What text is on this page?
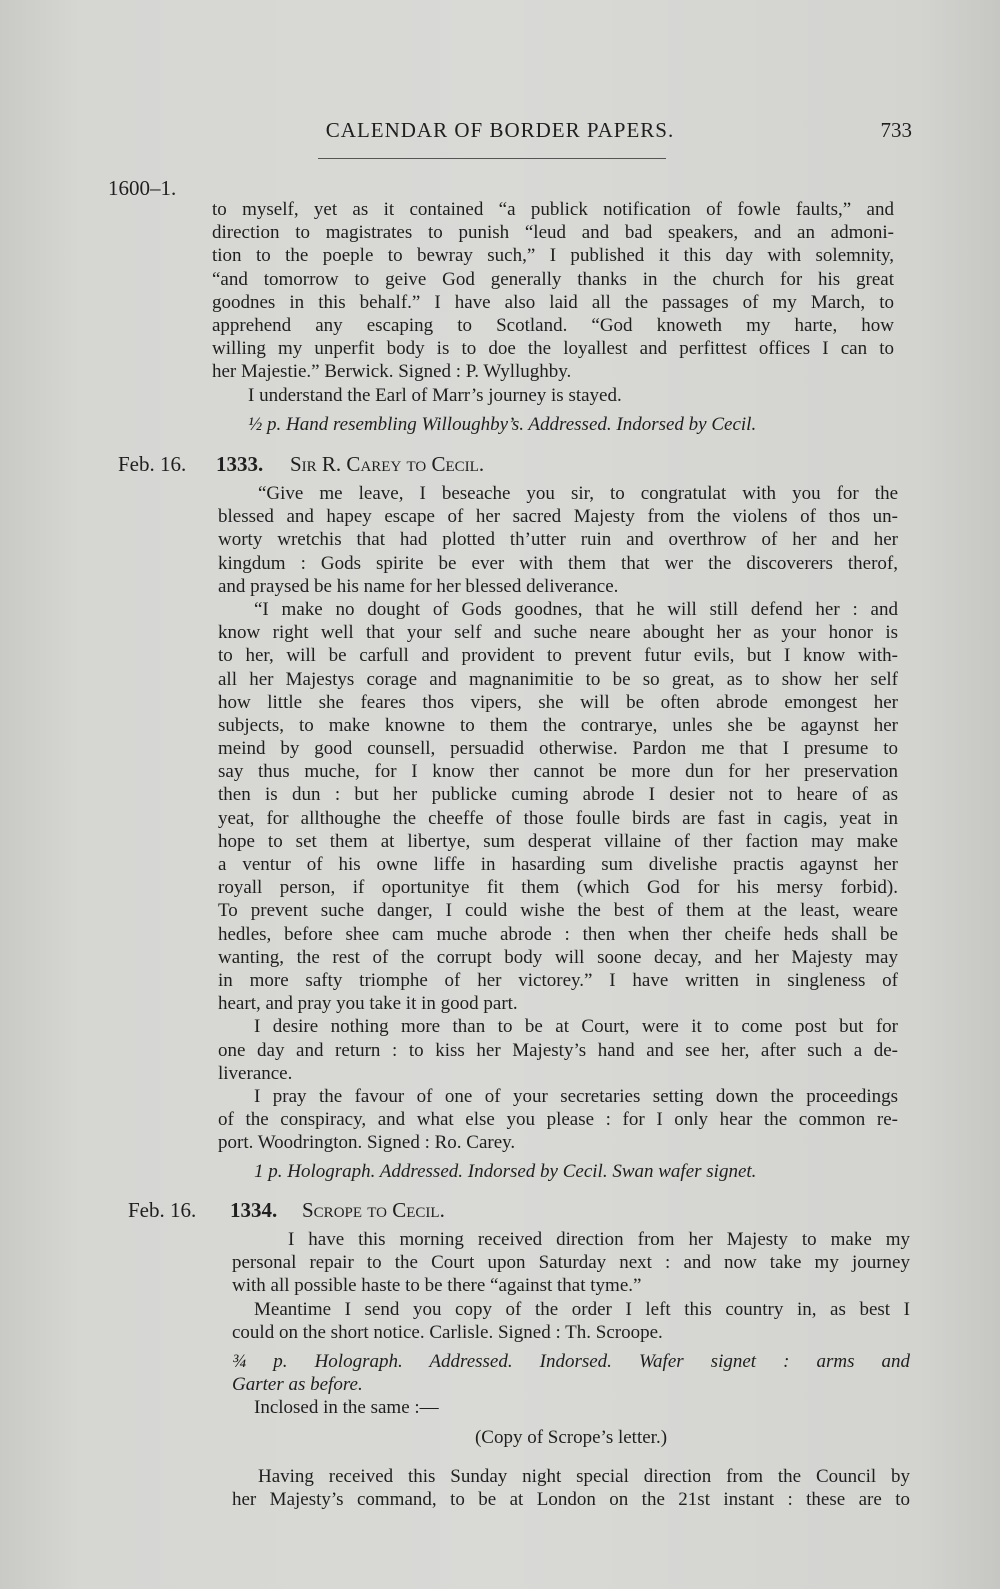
CALENDAR OF BORDER PAPERS.	733
1600–1.
to myself, yet as it contained “a publick notification of fowle faults,” and
direction to magistrates to punish “leud and bad speakers, and an admoni-
tion to the poeple to bewray such,” I published it this day with solemnity,
“and tomorrow to geive God generally thanks in the church for his great
goodnes in this behalf.” I have also laid all the passages of my March, to
apprehend any escaping to Scotland. “God knoweth my harte, how
willing my unperfit body is to doe the loyallest and perfittest offices I can to
her Majestie.” Berwick. Signed : P. Wyllughby.
I understand the Earl of Marr’s journey is stayed.
½ p. Hand resembling Willoughby’s. Addressed. Indorsed by Cecil.
Feb. 16. 1333. Sir R. Carey to Cecil.
“Give me leave, I beseache you sir, to congratulat with you for the
blessed and hapey escape of her sacred Majesty from the violens of thos un-
worty wretchis that had plotted th’utter ruin and overthrow of her and her
kingdum : Gods spirite be ever with them that wer the discoverers therof,
and praysed be his name for her blessed deliverance.
“I make no dought of Gods goodnes, that he will still defend her : and
know right well that your self and suche neare abought her as your honor is
to her, will be carfull and provident to prevent futur evils, but I know with-
all her Majestys corage and magnanimitie to be so great, as to show her self
how little she feares thos vipers, she will be often abrode emongest her
subjects, to make knowne to them the contrarye, unles she be agaynst her
meind by good counsell, persuadid otherwise. Pardon me that I presume to
say thus muche, for I know ther cannot be more dun for her preservation
then is dun : but her publicke cuming abrode I desier not to heare of as
yeat, for allthoughe the cheeffe of those foulle birds are fast in cagis, yeat in
hope to set them at libertye, sum desperat villaine of ther faction may make
a ventur of his owne liffe in hasarding sum divelishe practis agaynst her
royall person, if oportunitye fit them (which God for his mersy forbid).
To prevent suche danger, I could wishe the best of them at the least, weare
hedles, before shee cam muche abrode : then when ther cheife heds shall be
wanting, the rest of the corrupt body will soone decay, and her Majesty may
in more safty triomphe of her victorey.” I have written in singleness of
heart, and pray you take it in good part.
I desire nothing more than to be at Court, were it to come post but for
one day and return : to kiss her Majesty’s hand and see her, after such a de-
liverance.
I pray the favour of one of your secretaries setting down the proceedings
of the conspiracy, and what else you please : for I only hear the common re-
port. Woodrington. Signed : Ro. Carey.
1 p. Holograph. Addressed. Indorsed by Cecil. Swan wafer signet.
Feb. 16. 1334. Scrope to Cecil.
I have this morning received direction from her Majesty to make my
personal repair to the Court upon Saturday next : and now take my journey
with all possible haste to be there “against that tyme.”
Meantime I send you copy of the order I left this country in, as best I
could on the short notice. Carlisle. Signed : Th. Scroope.
¾ p. Holograph. Addressed. Indorsed. Wafer signet : arms and
Garter as before.
Inclosed in the same :—
(Copy of Scrope’s letter.)
Having received this Sunday night special direction from the Council by
her Majesty’s command, to be at London on the 21st instant : these are to
